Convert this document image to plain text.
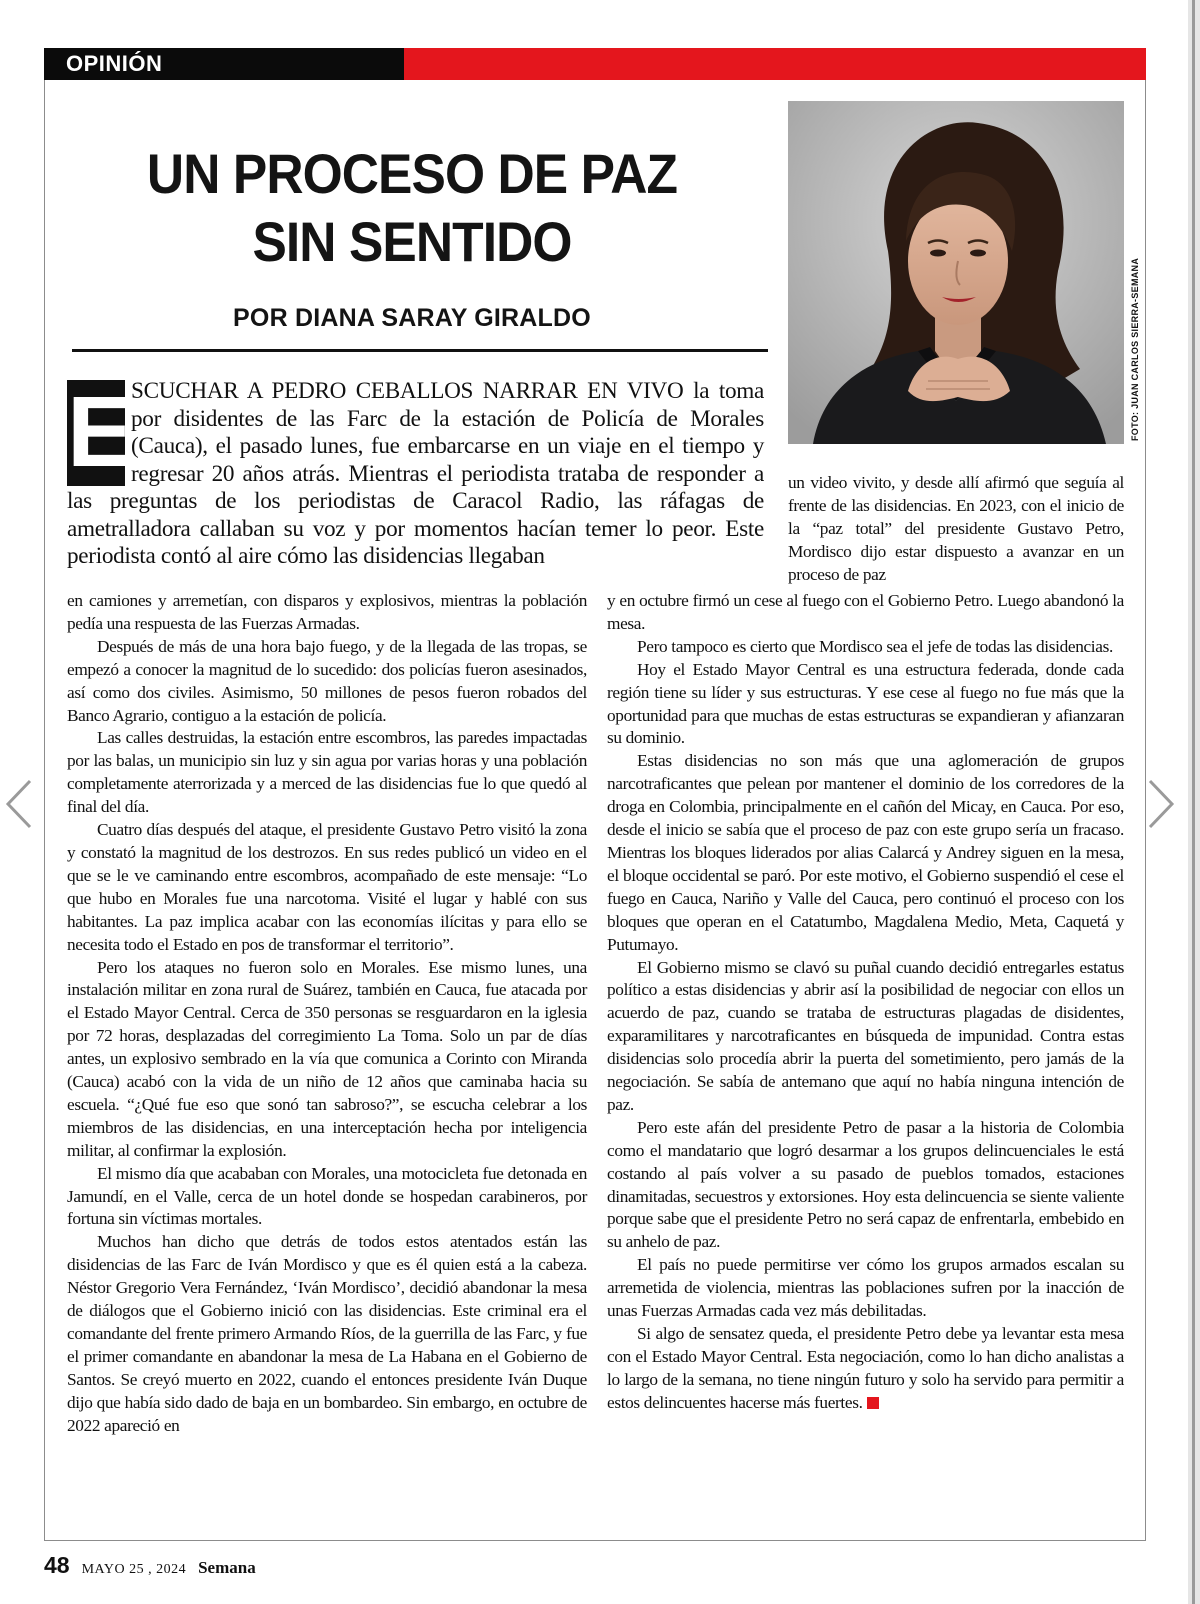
OPINIÓN
UN PROCESO DE PAZ
SIN SENTIDO
POR DIANA SARAY GIRALDO	FOTO: JUAN CARLOS SIERRA-SEMANA
E
SCUCHAR A PEDRO CEBALLOS NARRAR EN VIVO la toma por disidentes de las Farc de la estación de Policía de Morales (Cauca), el pasado lunes, fue embarcarse en un viaje en el tiempo y regresar 20 años atrás. Mientras el periodista trataba de responder a las preguntas de los periodistas de Caracol Radio, las ráfagas de ametralladora callaban su voz y por momentos hacían temer lo peor. Este periodista contó al aire cómo las disidencias llegaban

un video vivito, y desde allí afirmó que seguía al frente de las disidencias. En 2023, con el inicio de la “paz total” del presidente Gustavo Petro, Mordisco dijo estar dispuesto a avanzar en un proceso de paz

en camiones y arremetían, con disparos y explosivos, mientras la población pedía una respuesta de las Fuerzas Armadas.

Después de más de una hora bajo fuego, y de la llegada de las tropas, se empezó a conocer la magnitud de lo sucedido: dos policías fueron asesinados, así como dos civiles. Asimismo, 50 millones de pesos fueron robados del Banco Agrario, contiguo a la estación de policía.

Las calles destruidas, la estación entre escombros, las paredes impactadas por las balas, un municipio sin luz y sin agua por varias horas y una población completamente aterrorizada y a merced de las disidencias fue lo que quedó al final del día.

Cuatro días después del ataque, el presidente Gustavo Petro visitó la zona y constató la magnitud de los destrozos. En sus redes publicó un video en el que se le ve caminando entre escombros, acompañado de este mensaje: “Lo que hubo en Morales fue una narcotoma. Visité el lugar y hablé con sus habitantes. La paz implica acabar con las economías ilícitas y para ello se necesita todo el Estado en pos de transformar el territorio”.

Pero los ataques no fueron solo en Morales. Ese mismo lunes, una instalación militar en zona rural de Suárez, también en Cauca, fue atacada por el Estado Mayor Central. Cerca de 350 personas se resguardaron en la iglesia por 72 horas, desplazadas del corregimiento La Toma. Solo un par de días antes, un explosivo sembrado en la vía que comunica a Corinto con Miranda (Cauca) acabó con la vida de un niño de 12 años que caminaba hacia su escuela. “¿Qué fue eso que sonó tan sabroso?”, se escucha celebrar a los miembros de las disidencias, en una interceptación hecha por inteligencia militar, al confirmar la explosión.

El mismo día que acababan con Morales, una motocicleta fue detonada en Jamundí, en el Valle, cerca de un hotel donde se hospedan carabineros, por fortuna sin víctimas mortales.

Muchos han dicho que detrás de todos estos atentados están las disidencias de las Farc de Iván Mordisco y que es él quien está a la cabeza. Néstor Gregorio Vera Fernández, ‘Iván Mordisco’, decidió abandonar la mesa de diálogos que el Gobierno inició con las disidencias. Este criminal era el comandante del frente primero Armando Ríos, de la guerrilla de las Farc, y fue el primer comandante en abandonar la mesa de La Habana en el Gobierno de Santos. Se creyó muerto en 2022, cuando el entonces presidente Iván Duque dijo que había sido dado de baja en un bombardeo. Sin embargo, en octubre de 2022 apareció en

y en octubre firmó un cese al fuego con el Gobierno Petro. Luego abandonó la mesa.

Pero tampoco es cierto que Mordisco sea el jefe de todas las disidencias.

Hoy el Estado Mayor Central es una estructura federada, donde cada región tiene su líder y sus estructuras. Y ese cese al fuego no fue más que la oportunidad para que muchas de estas estructuras se expandieran y afianzaran su dominio.

Estas disidencias no son más que una aglomeración de grupos narcotraficantes que pelean por mantener el dominio de los corredores de la droga en Colombia, principalmente en el cañón del Micay, en Cauca. Por eso, desde el inicio se sabía que el proceso de paz con este grupo sería un fracaso. Mientras los bloques liderados por alias Calarcá y Andrey siguen en la mesa, el bloque occidental se paró. Por este motivo, el Gobierno suspendió el cese el fuego en Cauca, Nariño y Valle del Cauca, pero continuó el proceso con los bloques que operan en el Catatumbo, Magdalena Medio, Meta, Caquetá y Putumayo.

El Gobierno mismo se clavó su puñal cuando decidió entregarles estatus político a estas disidencias y abrir así la posibilidad de negociar con ellos un acuerdo de paz, cuando se trataba de estructuras plagadas de disidentes, exparamilitares y narcotraficantes en búsqueda de impunidad. Contra estas disidencias solo procedía abrir la puerta del sometimiento, pero jamás de la negociación. Se sabía de antemano que aquí no había ninguna intención de paz.

Pero este afán del presidente Petro de pasar a la historia de Colombia como el mandatario que logró desarmar a los grupos delincuenciales le está costando al país volver a su pasado de pueblos tomados, estaciones dinamitadas, secuestros y extorsiones. Hoy esta delincuencia se siente valiente porque sabe que el presidente Petro no será capaz de enfrentarla, embebido en su anhelo de paz.

El país no puede permitirse ver cómo los grupos armados escalan su arremetida de violencia, mientras las poblaciones sufren por la inacción de unas Fuerzas Armadas cada vez más debilitadas.

Si algo de sensatez queda, el presidente Petro debe ya levantar esta mesa con el Estado Mayor Central. Esta negociación, como lo han dicho analistas a lo largo de la semana, no tiene ningún futuro y solo ha servido para permitir a estos delincuentes hacerse más fuertes.

48 MAYO 25 , 2024 Semana
